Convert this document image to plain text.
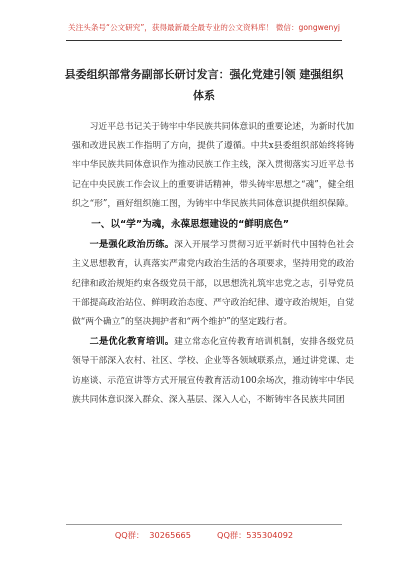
关注头条号“公文研究”，获得最新最全最专业的公文资料库！ 微信：gongwenyj
县委组织部常务副部长研讨发言：强化党建引领 建强组织体系

习近平总书记关于铸牢中华民族共同体意识的重要论述，为新时代加强和改进民族工作指明了方向，提供了遵循。中共x县委组织部始终将铸牢中华民族共同体意识作为推动民族工作主线，深入贯彻落实习近平总书记在中央民族工作会议上的重要讲话精神，带头铸牢思想之“魂”，健全组织之“形”，画好组织施工图，为铸牢中华民族共同体意识提供组织保障。

一、以“学”为魂，永葆思想建设的“鲜明底色”

一是强化政治历练。深入开展学习贯彻习近平新时代中国特色社会主义思想教育，认真落实严肃党内政治生活的各项要求，坚持用党的政治纪律和政治规矩约束各级党员干部，以思想洗礼筑牢忠党之志，引导党员干部提高政治站位、鲜明政治态度、严守政治纪律、遵守政治规矩，自觉做“两个确立”的坚决拥护者和“两个维护”的坚定践行者。

二是优化教育培训。建立常态化宣传教育培训机制，安排各级党员领导干部深入农村、社区、学校、企业等各领域联系点，通过讲党课、走访座谈、示范宣讲等方式开展宣传教育活动100余场次，推动铸牢中华民族共同体意识深入群众、深入基层、深入人心，不断铸牢各民族共同团

QQ群：  30265665          QQ群：535304092
